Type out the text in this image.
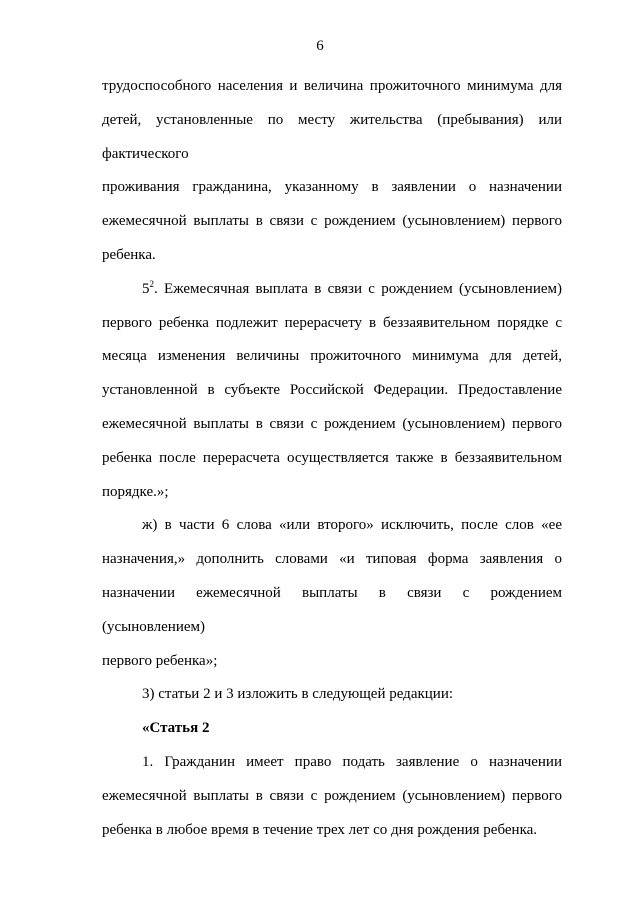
6

трудоспособного населения и величина прожиточного минимума для

детей, установленные по месту жительства (пребывания) или фактического

проживания гражданина, указанному в заявлении о назначении

ежемесячной выплаты в связи с рождением (усыновлением) первого

ребенка.

$5^2$. Ежемесячная выплата в связи с рождением (усыновлением)

первого ребенка подлежит перерасчету в беззаявительном порядке с

месяца изменения величины прожиточного минимума для детей,

установленной в субъекте Российской Федерации. Предоставление

ежемесячной выплаты в связи с рождением (усыновлением) первого

ребенка после перерасчета осуществляется также в беззаявительном

порядке.»;

ж) в части 6 слова «или второго» исключить, после слов «ее

назначения,» дополнить словами «и типовая форма заявления о

назначении ежемесячной выплаты в связи с рождением (усыновлением)

первого ребенка»;

3) статьи 2 и 3 изложить в следующей редакции:

«Статья 2

1. Гражданин имеет право подать заявление о назначении

ежемесячной выплаты в связи с рождением (усыновлением) первого

ребенка в любое время в течение трех лет со дня рождения ребенка.
